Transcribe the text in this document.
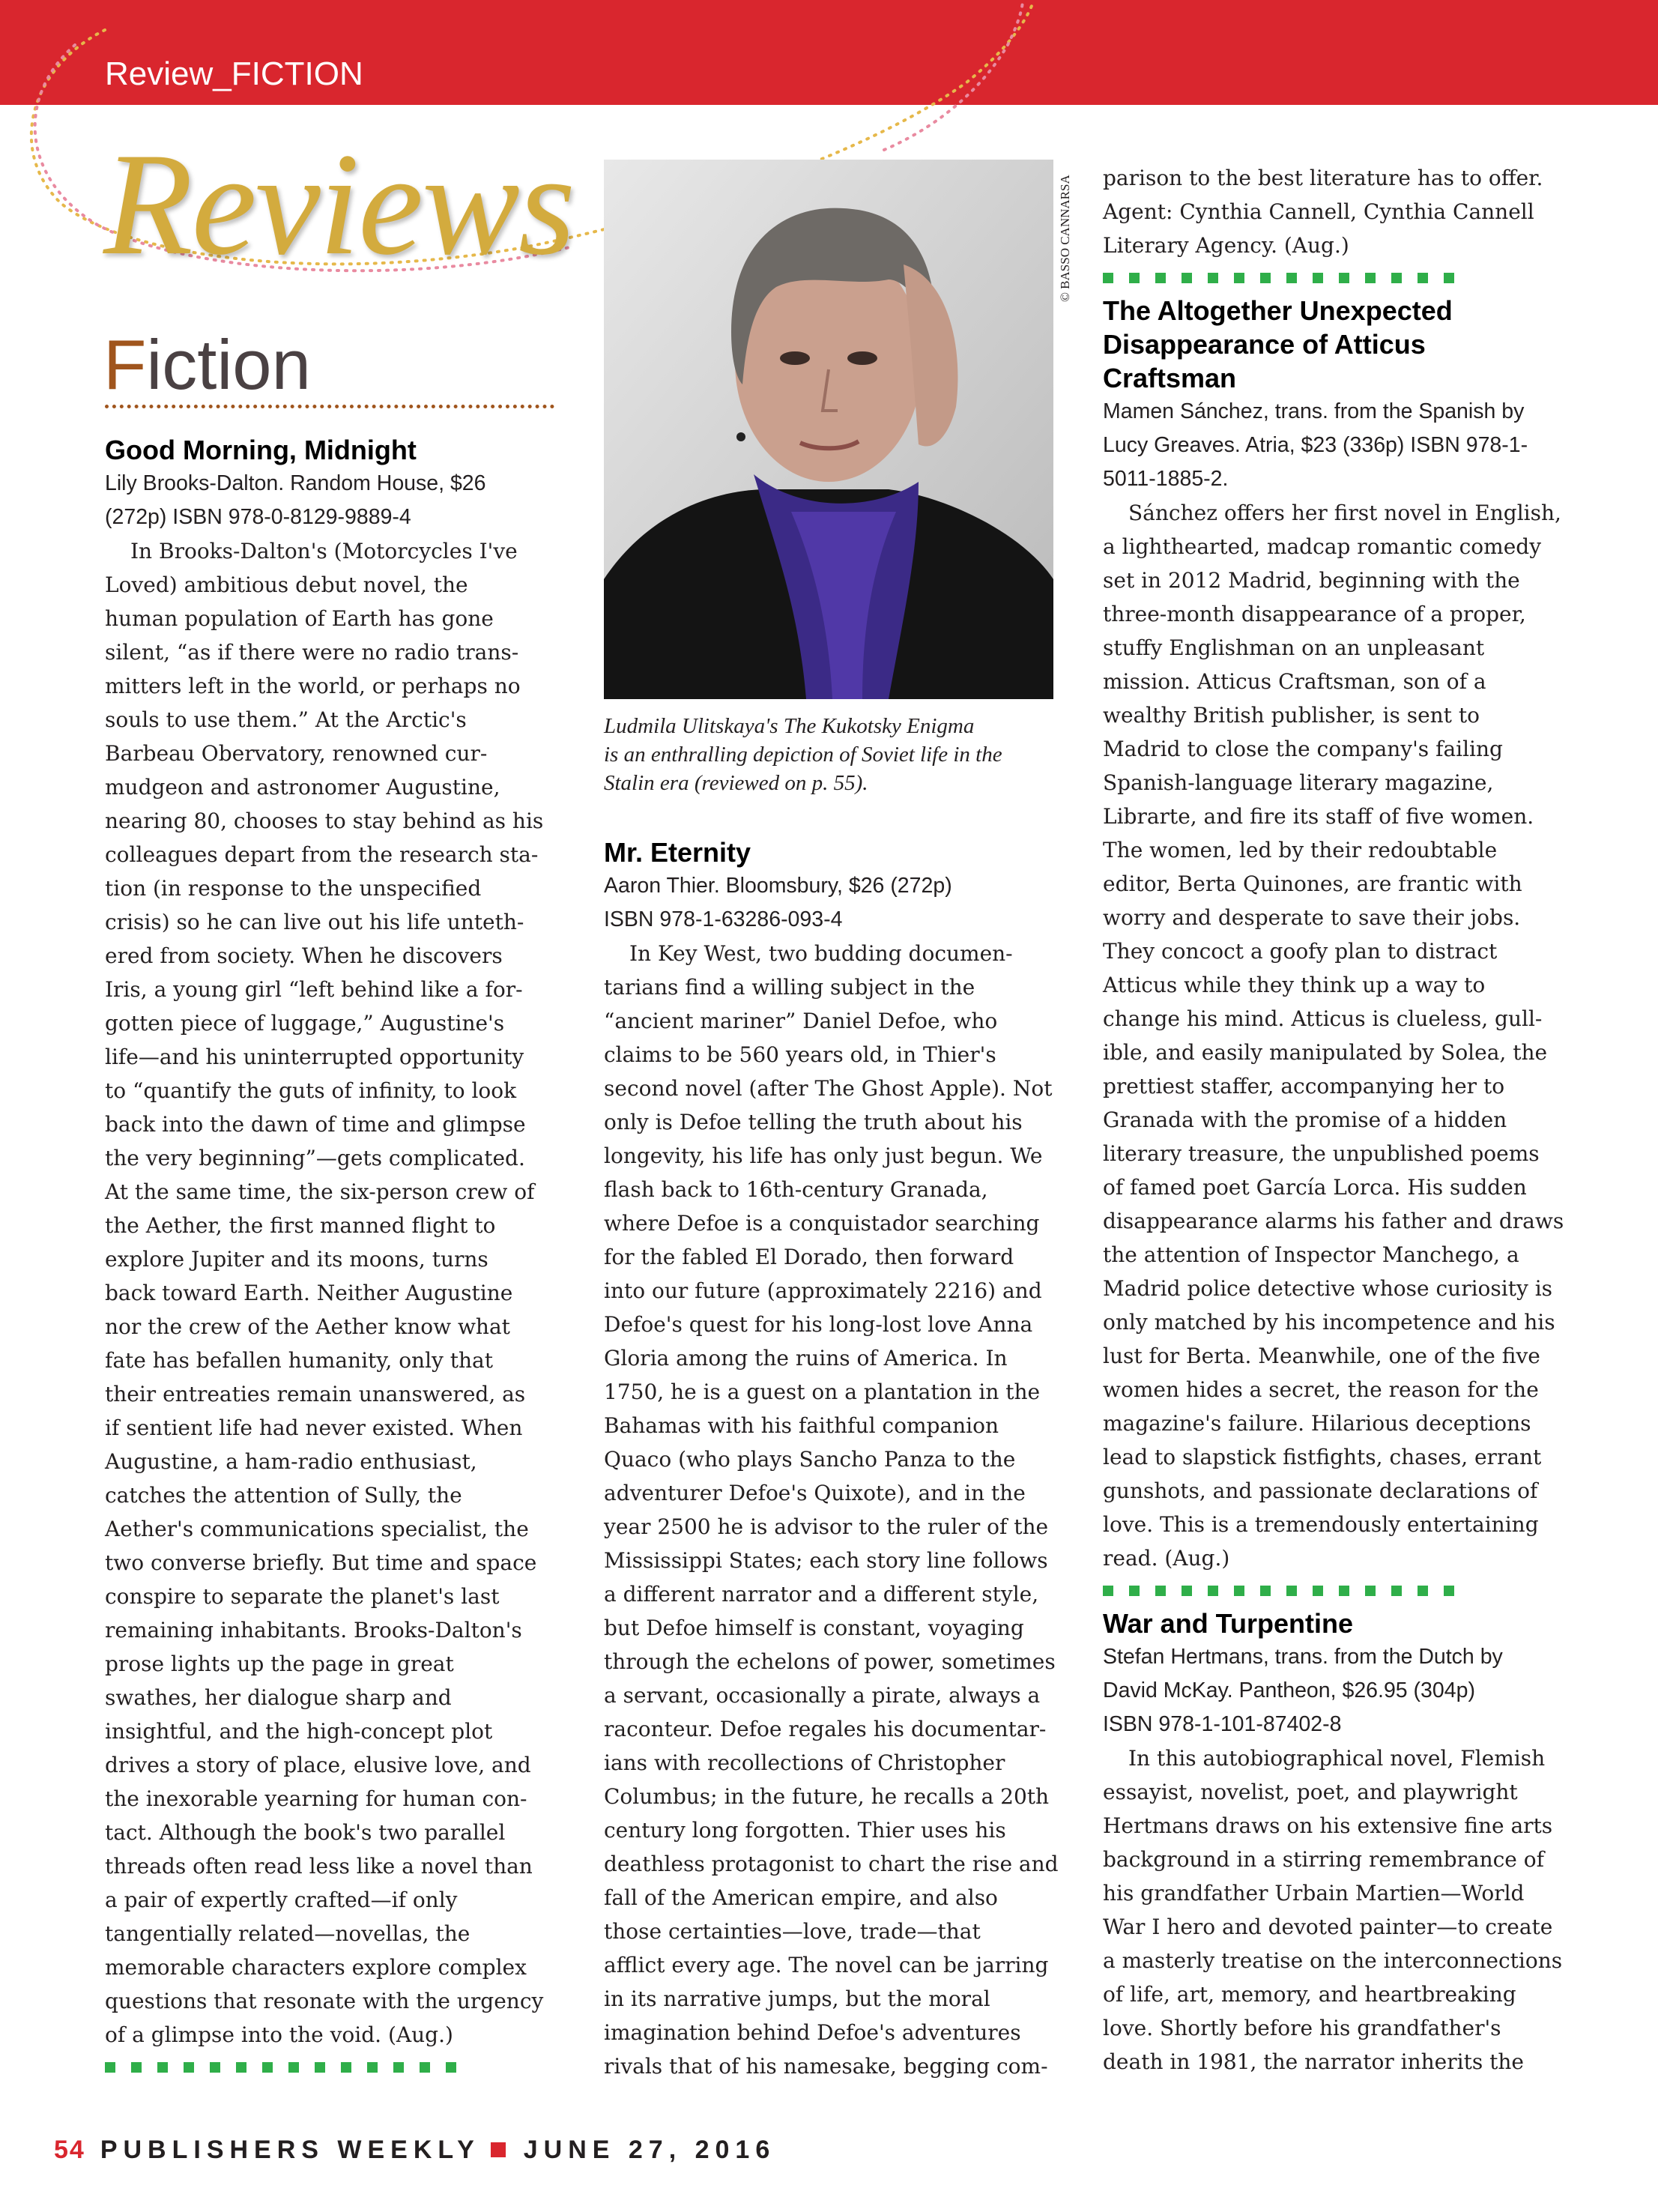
Review_FICTION
Reviews
Fiction

Good Morning, Midnight

Lily Brooks-Dalton. Random House, $26

(272p) ISBN 978-0-8129-9889-4

In Brooks-Dalton's (Motorcycles I've
Loved) ambitious debut novel, the
human population of Earth has gone
silent, “as if there were no radio trans-
mitters left in the world, or perhaps no
souls to use them.” At the Arctic's
Barbeau Obervatory, renowned cur-
mudgeon and astronomer Augustine,
nearing 80, chooses to stay behind as his
colleagues depart from the research sta-
tion (in response to the unspecified
crisis) so he can live out his life unteth-
ered from society. When he discovers
Iris, a young girl “left behind like a for-
gotten piece of luggage,” Augustine's
life—and his uninterrupted opportunity
to “quantify the guts of infinity, to look
back into the dawn of time and glimpse
the very beginning”—gets complicated.
At the same time, the six-person crew of
the Aether, the first manned flight to
explore Jupiter and its moons, turns
back toward Earth. Neither Augustine
nor the crew of the Aether know what
fate has befallen humanity, only that
their entreaties remain unanswered, as
if sentient life had never existed. When
Augustine, a ham-radio enthusiast,
catches the attention of Sully, the
Aether's communications specialist, the
two converse briefly. But time and space
conspire to separate the planet's last
remaining inhabitants. Brooks-Dalton's
prose lights up the page in great
swathes, her dialogue sharp and
insightful, and the high-concept plot
drives a story of place, elusive love, and
the inexorable yearning for human con-
tact. Although the book's two parallel
threads often read less like a novel than
a pair of expertly crafted—if only
tangentially related—novellas, the
memorable characters explore complex
questions that resonate with the urgency
of a glimpse into the void. (Aug.)
© BASSO CANNARSA
Ludmila Ulitskaya's The Kukotsky Enigma
is an enthralling depiction of Soviet life in the
Stalin era (reviewed on p. 55).

Mr. Eternity

Aaron Thier. Bloomsbury, $26 (272p)

ISBN 978-1-63286-093-4

In Key West, two budding documen-
tarians find a willing subject in the
“ancient mariner” Daniel Defoe, who
claims to be 560 years old, in Thier's
second novel (after The Ghost Apple). Not
only is Defoe telling the truth about his
longevity, his life has only just begun. We
flash back to 16th-century Granada,
where Defoe is a conquistador searching
for the fabled El Dorado, then forward
into our future (approximately 2216) and
Defoe's quest for his long-lost love Anna
Gloria among the ruins of America. In
1750, he is a guest on a plantation in the
Bahamas with his faithful companion
Quaco (who plays Sancho Panza to the
adventurer Defoe's Quixote), and in the
year 2500 he is advisor to the ruler of the
Mississippi States; each story line follows
a different narrator and a different style,
but Defoe himself is constant, voyaging
through the echelons of power, sometimes
a servant, occasionally a pirate, always a
raconteur. Defoe regales his documentar-
ians with recollections of Christopher
Columbus; in the future, he recalls a 20th
century long forgotten. Thier uses his
deathless protagonist to chart the rise and
fall of the American empire, and also
those certainties—love, trade—that
afflict every age. The novel can be jarring
in its narrative jumps, but the moral
imagination behind Defoe's adventures
rivals that of his namesake, begging com-
parison to the best literature has to offer.
Agent: Cynthia Cannell, Cynthia Cannell
Literary Agency. (Aug.)

The Altogether Unexpected

Disappearance of Atticus

Craftsman

Mamen Sánchez, trans. from the Spanish by

Lucy Greaves. Atria, $23 (336p) ISBN 978-1-

5011-1885-2.

Sánchez offers her first novel in English,
a lighthearted, madcap romantic comedy
set in 2012 Madrid, beginning with the
three-month disappearance of a proper,
stuffy Englishman on an unpleasant
mission. Atticus Craftsman, son of a
wealthy British publisher, is sent to
Madrid to close the company's failing
Spanish-language literary magazine,
Librarte, and fire its staff of five women.
The women, led by their redoubtable
editor, Berta Quinones, are frantic with
worry and desperate to save their jobs.
They concoct a goofy plan to distract
Atticus while they think up a way to
change his mind. Atticus is clueless, gull-
ible, and easily manipulated by Solea, the
prettiest staffer, accompanying her to
Granada with the promise of a hidden
literary treasure, the unpublished poems
of famed poet García Lorca. His sudden
disappearance alarms his father and draws
the attention of Inspector Manchego, a
Madrid police detective whose curiosity is
only matched by his incompetence and his
lust for Berta. Meanwhile, one of the five
women hides a secret, the reason for the
magazine's failure. Hilarious deceptions
lead to slapstick fistfights, chases, errant
gunshots, and passionate declarations of
love. This is a tremendously entertaining
read. (Aug.)

War and Turpentine

Stefan Hertmans, trans. from the Dutch by

David McKay. Pantheon, $26.95 (304p)

ISBN 978-1-101-87402-8

In this autobiographical novel, Flemish
essayist, novelist, poet, and playwright
Hertmans draws on his extensive fine arts
background in a stirring remembrance of
his grandfather Urbain Martien—World
War I hero and devoted painter—to create
a masterly treatise on the interconnections
of life, art, memory, and heartbreaking
love. Shortly before his grandfather's
death in 1981, the narrator inherits the
54 PUBLISHERS WEEKLY JUNE 27, 2016
